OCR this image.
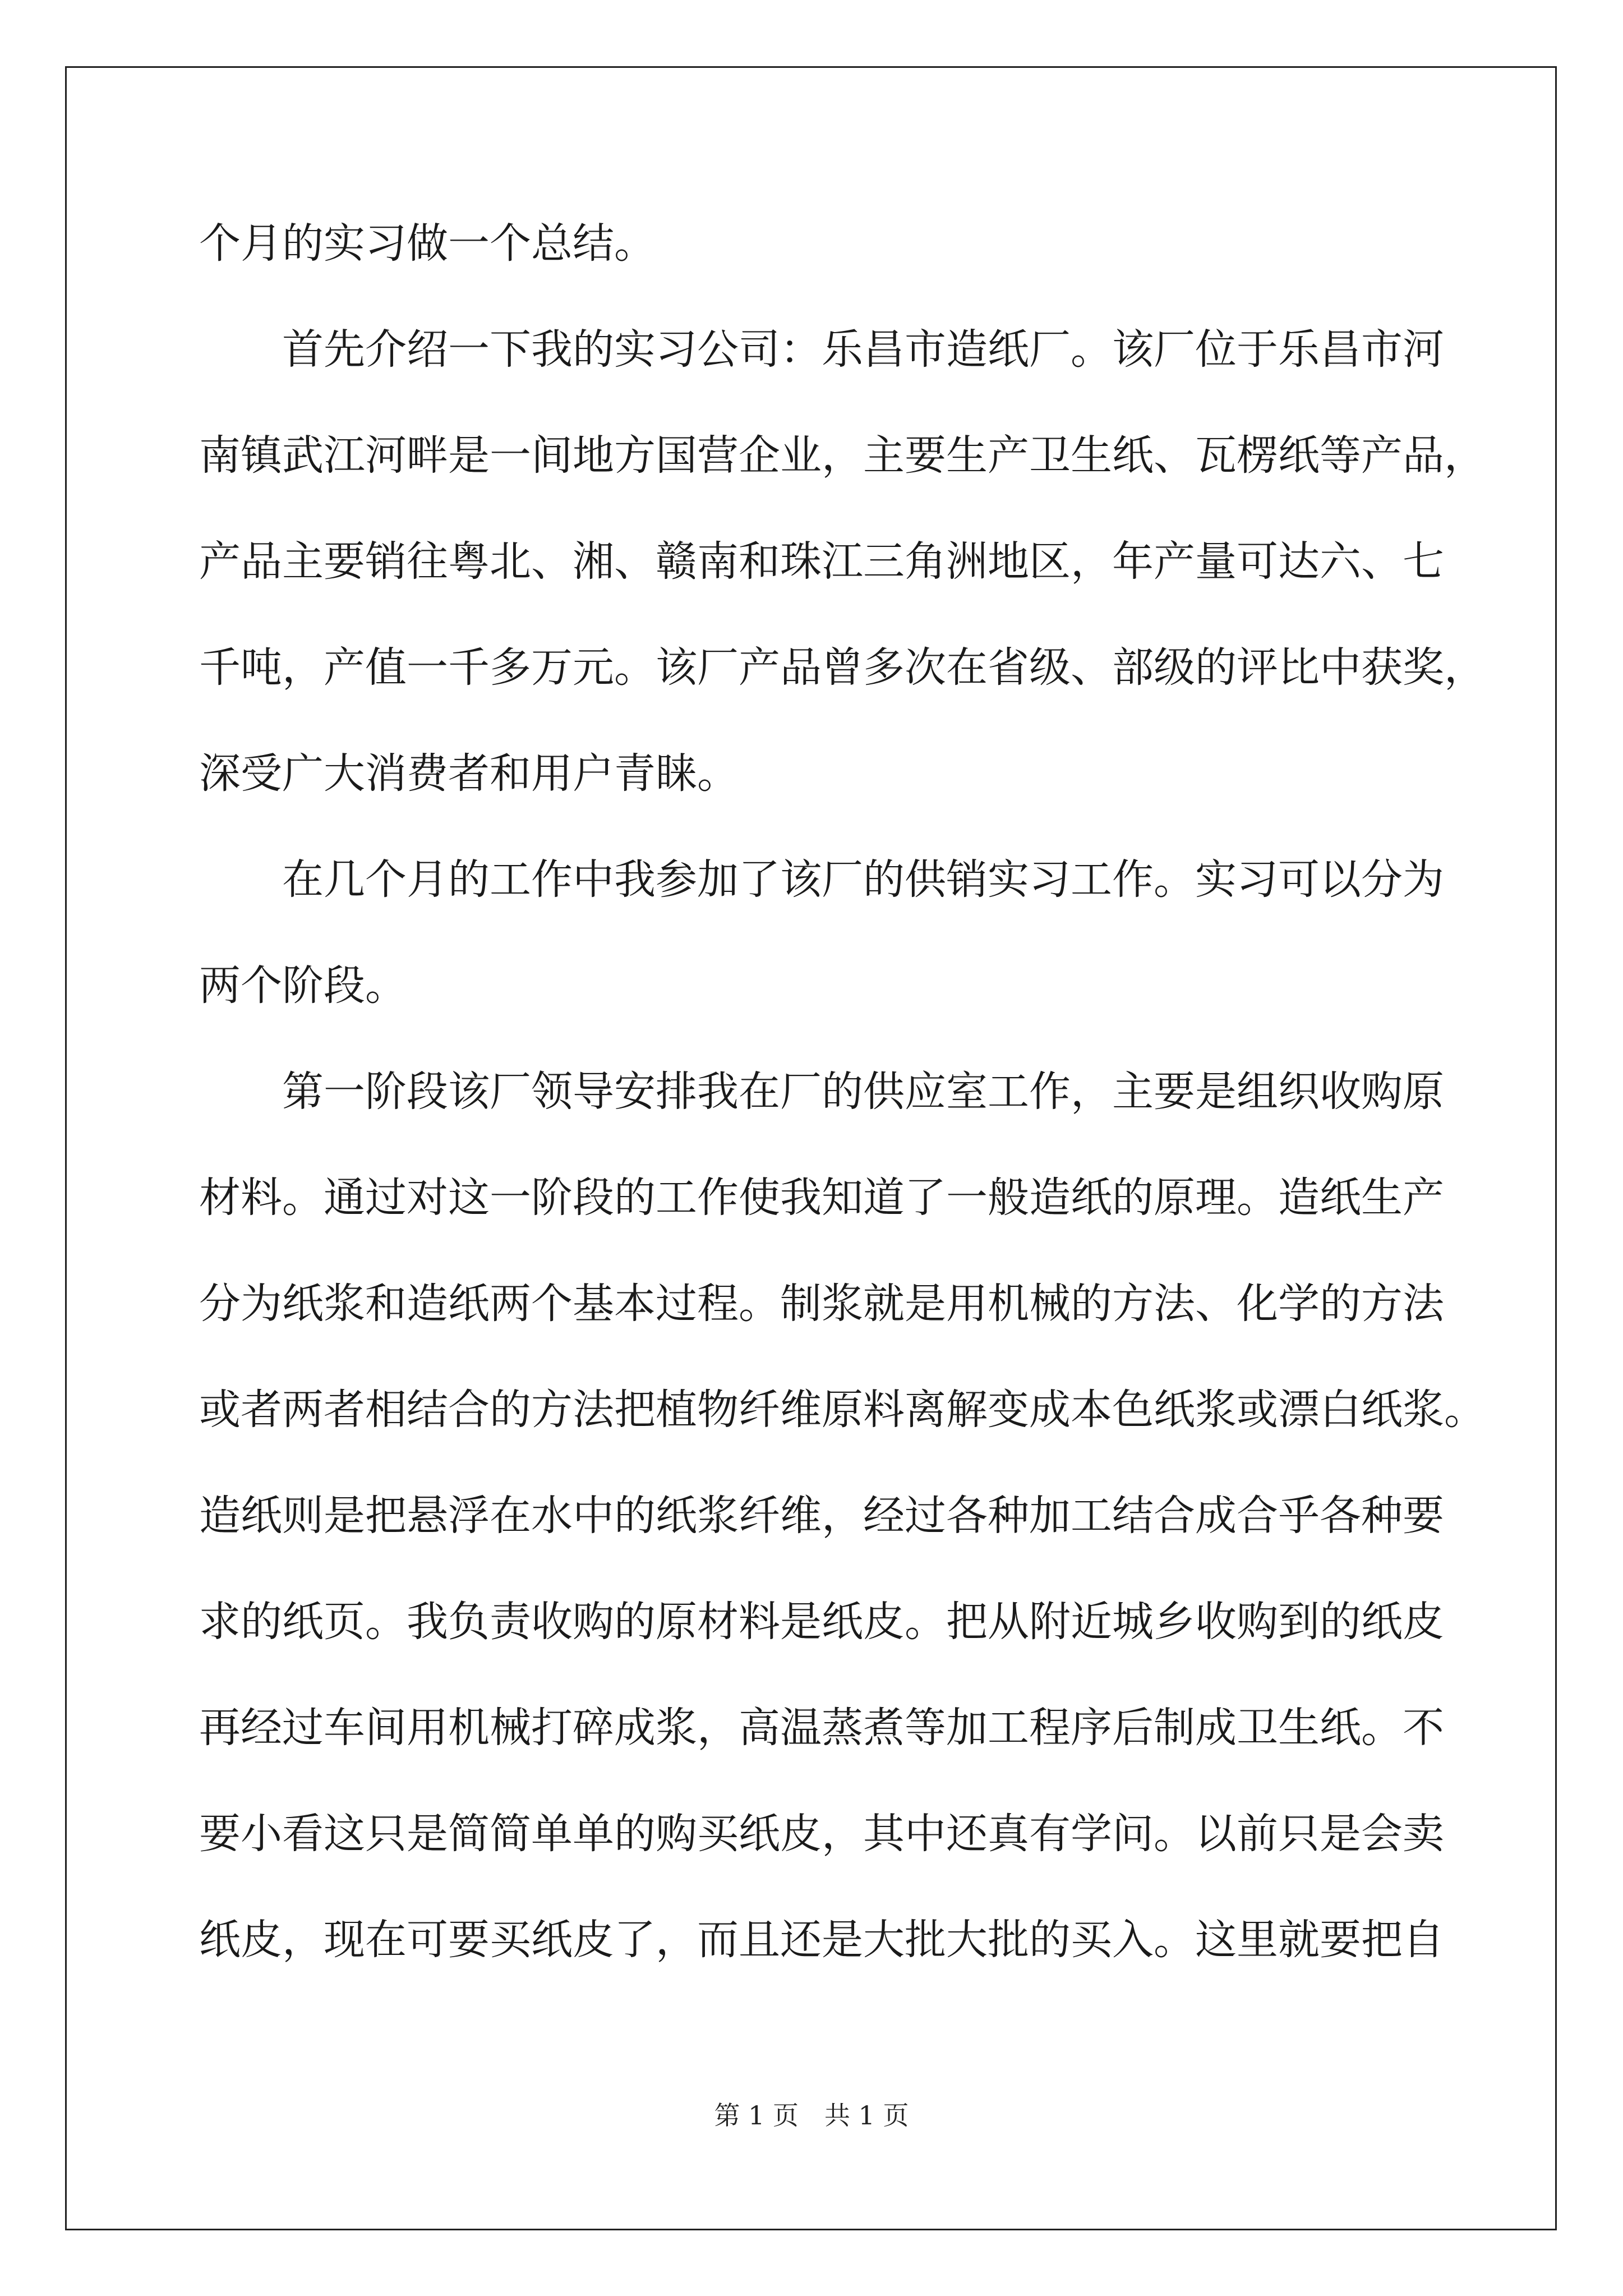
个月的实习做一个总结。
首先介绍一下我的实习公司：乐昌市造纸厂。该厂位于乐昌市河
南镇武江河畔是一间地方国营企业，主要生产卫生纸、瓦楞纸等产品，
产品主要销往粤北、湘、赣南和珠江三角洲地区，年产量可达六、七
千吨，产值一千多万元。该厂产品曾多次在省级、部级的评比中获奖，
深受广大消费者和用户青睐。
在几个月的工作中我参加了该厂的供销实习工作。实习可以分为
两个阶段。
第一阶段该厂领导安排我在厂的供应室工作，主要是组织收购原
材料。通过对这一阶段的工作使我知道了一般造纸的原理。造纸生产
分为纸浆和造纸两个基本过程。制浆就是用机械的方法、化学的方法
或者两者相结合的方法把植物纤维原料离解变成本色纸浆或漂白纸浆。
造纸则是把悬浮在水中的纸浆纤维，经过各种加工结合成合乎各种要
求的纸页。我负责收购的原材料是纸皮。把从附近城乡收购到的纸皮
再经过车间用机械打碎成浆，高温蒸煮等加工程序后制成卫生纸。不
要小看这只是简简单单的购买纸皮，其中还真有学问。以前只是会卖
纸皮，现在可要买纸皮了，而且还是大批大批的买入。这里就要把自
第 1 页　共 1 页
